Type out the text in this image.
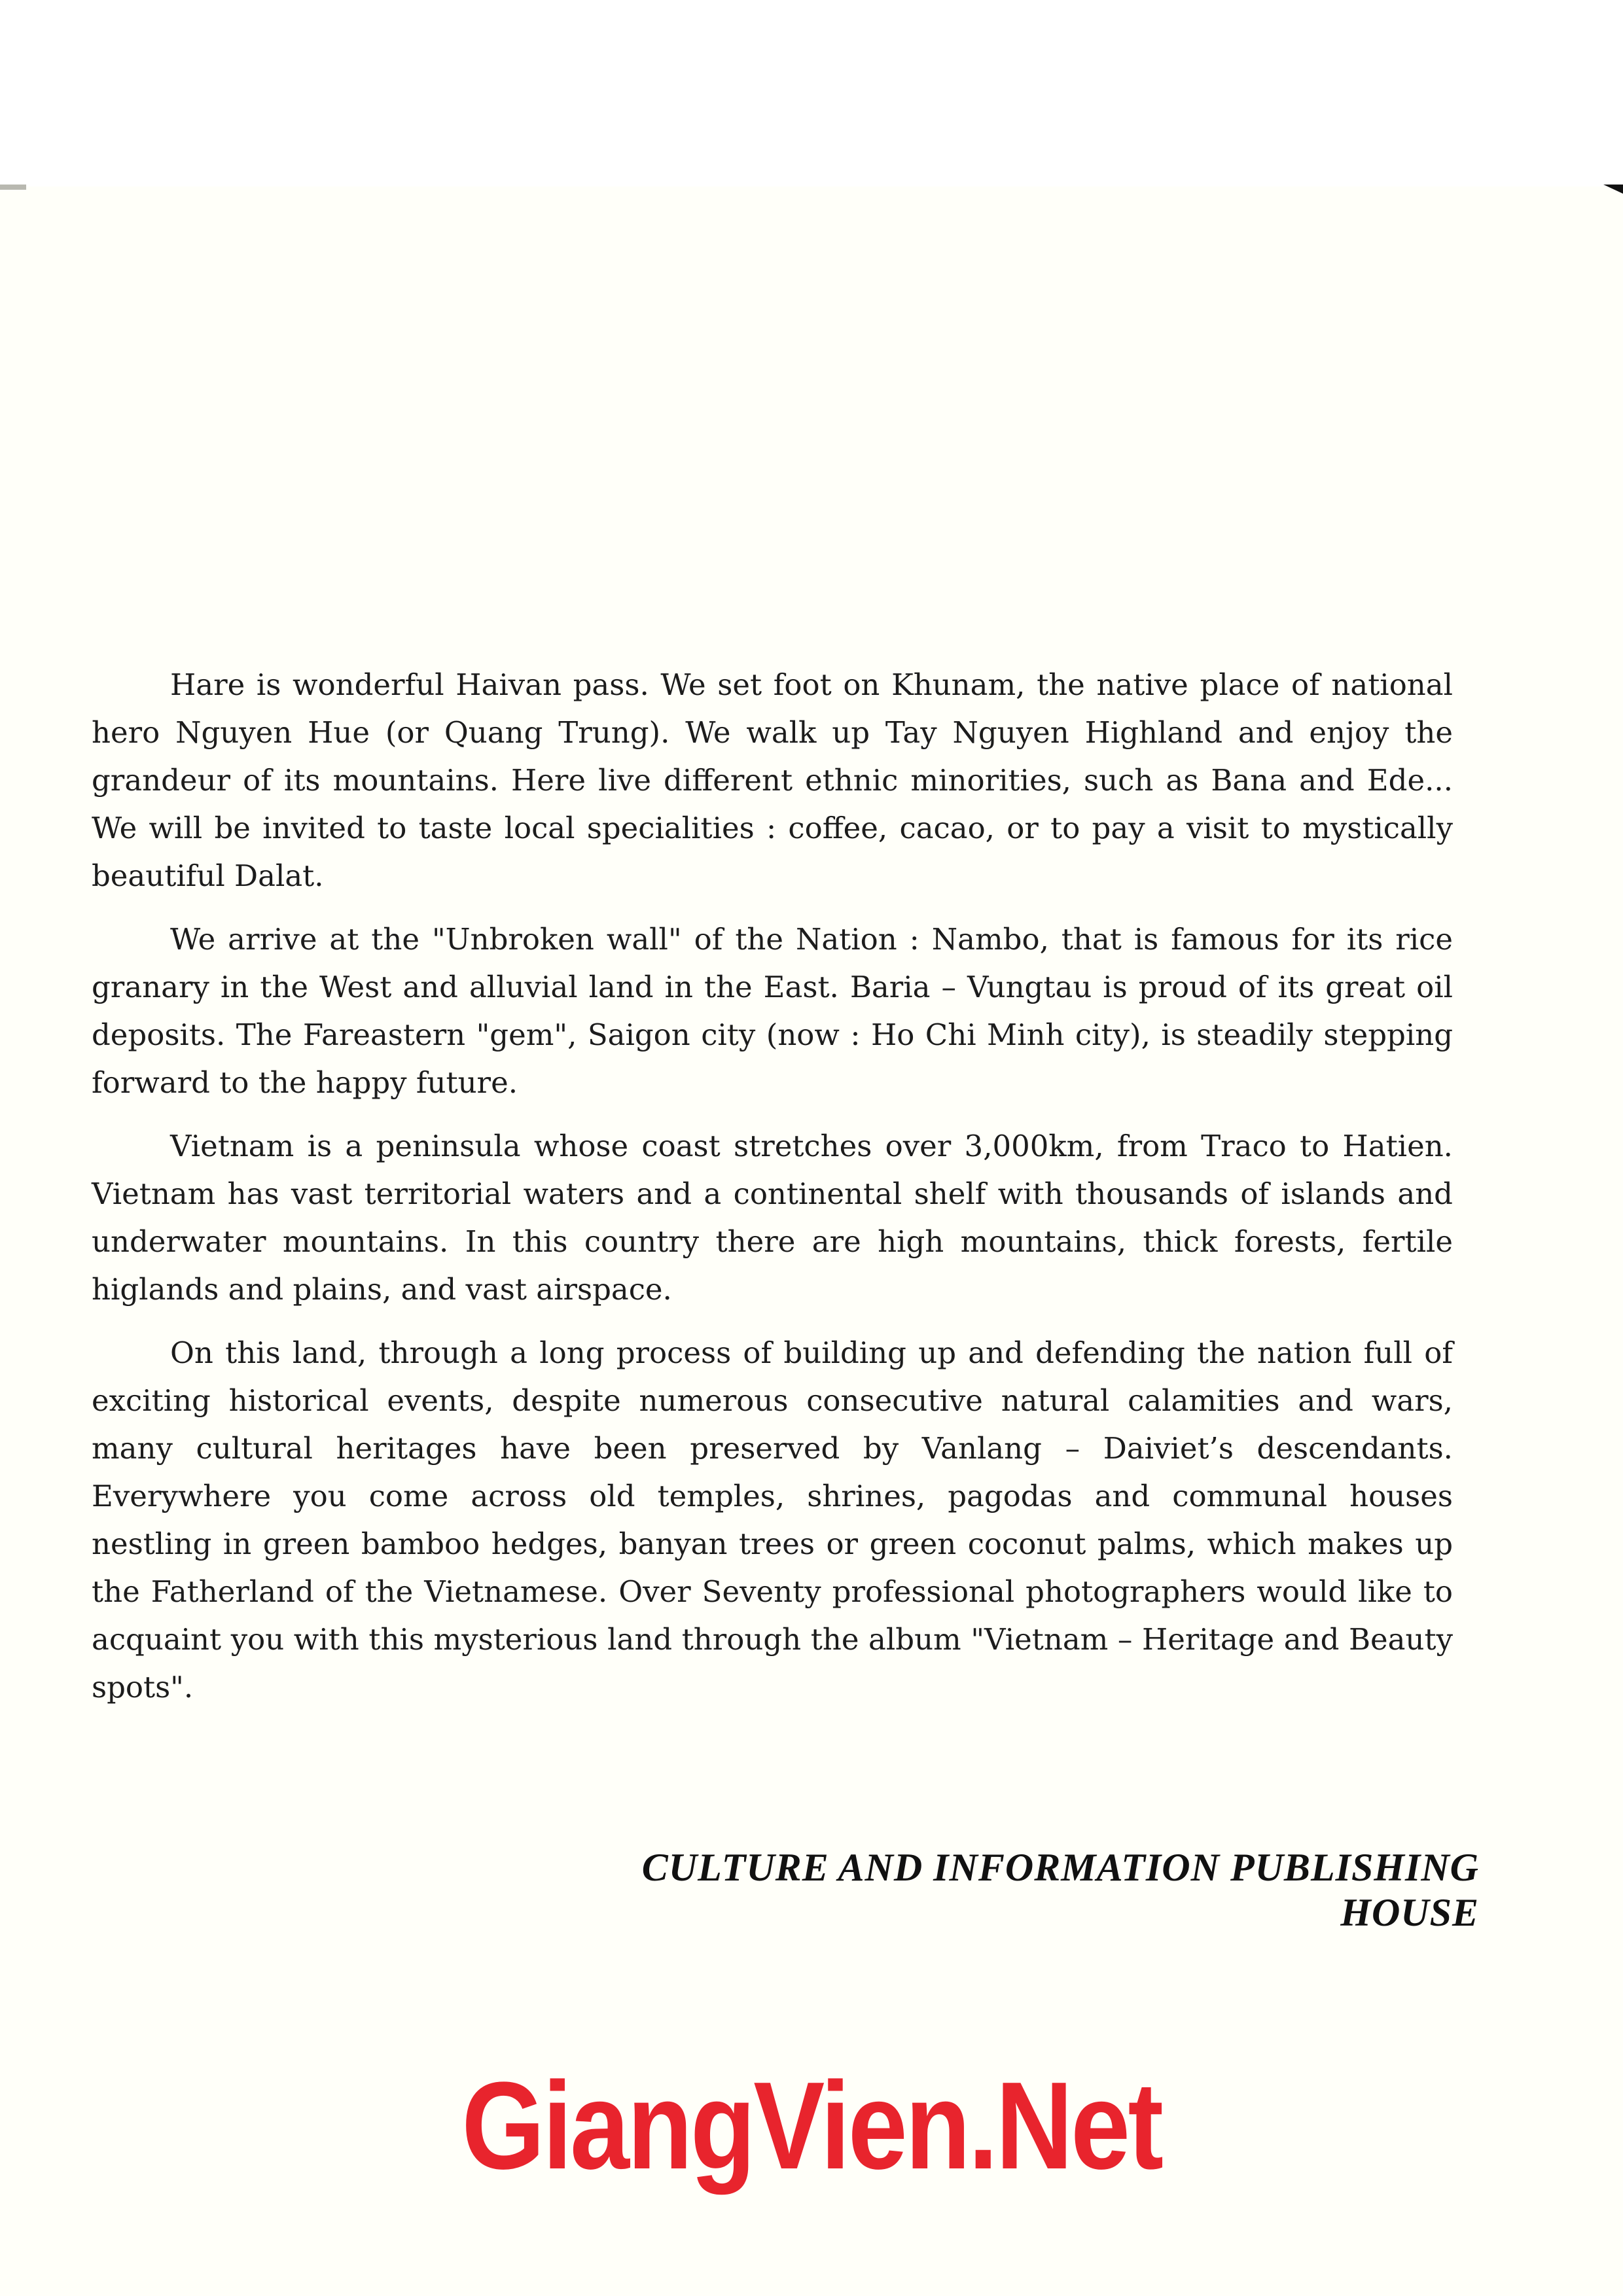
Hare is wonderful Haivan pass. We set foot on Khunam, the native place of national hero Nguyen Hue (or Quang Trung). We walk up Tay Nguyen Highland and enjoy the grandeur of its mountains. Here live different ethnic minorities, such as Bana and Ede... We will be invited to taste local specialities : coffee, cacao, or to pay a visit to mystically beautiful Dalat.

We arrive at the "Unbroken wall" of the Nation : Nambo, that is famous for its rice granary in the West and alluvial land in the East. Baria – Vungtau is proud of its great oil deposits. The Fareastern "gem", Saigon city (now : Ho Chi Minh city), is steadily stepping forward to the happy future.

Vietnam is a peninsula whose coast stretches over 3,000km, from Traco to Hatien. Vietnam has vast territorial waters and a continental shelf with thousands of islands and underwater mountains. In this country there are high mountains, thick forests, fertile higlands and plains, and vast airspace.

On this land, through a long process of building up and defending the nation full of exciting historical events, despite numerous consecutive natural calamities and wars, many cultural heritages have been preserved by Vanlang – Daiviet’s descendants. Everywhere you come across old temples, shrines, pagodas and communal houses nestling in green bamboo hedges, banyan trees or green coconut palms, which makes up the Fatherland of the Vietnamese. Over Seventy professional photographers would like to acquaint you with this mysterious land through the album "Vietnam – Heritage and Beauty spots".

CULTURE AND INFORMATION PUBLISHING HOUSE
GiangVien.Net
